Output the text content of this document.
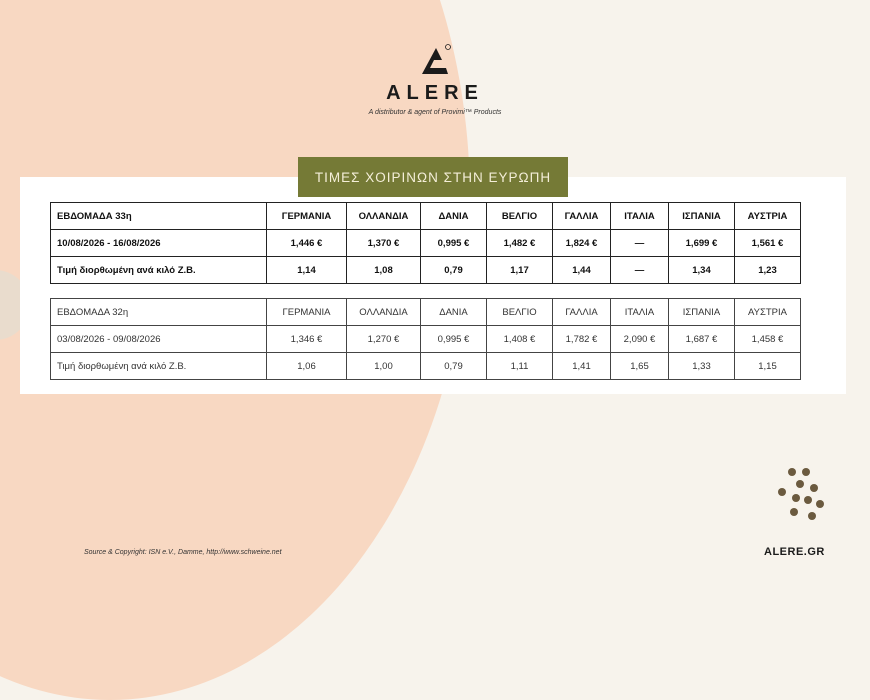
ALERE
A distributor & agent of Provimi™ Products
ΤΙΜΕΣ ΧΟΙΡΙΝΩΝ ΣΤΗΝ ΕΥΡΩΠΗ
ΕΒΔΟΜΑΔΑ 33η	ΓΕΡΜΑΝΙΑ	ΟΛΛΑΝΔΙΑ	ΔΑΝΙΑ	ΒΕΛΓΙΟ	ΓΑΛΛΙΑ	ΙΤΑΛΙΑ	ΙΣΠΑΝΙΑ	ΑΥΣΤΡΙΑ
10/08/2026 - 16/08/2026	1,446 €	1,370 €	0,995 €	1,482 €	1,824 €	—	1,699 €	1,561 €
Τιμή διορθωμένη ανά κιλό Ζ.Β.	1,14	1,08	0,79	1,17	1,44	—	1,34	1,23
ΕΒΔΟΜΑΔΑ 32η	ΓΕΡΜΑΝΙΑ	ΟΛΛΑΝΔΙΑ	ΔΑΝΙΑ	ΒΕΛΓΙΟ	ΓΑΛΛΙΑ	ΙΤΑΛΙΑ	ΙΣΠΑΝΙΑ	ΑΥΣΤΡΙΑ
03/08/2026 - 09/08/2026	1,346 €	1,270 €	0,995 €	1,408 €	1,782 €	2,090 €	1,687 €	1,458 €
Τιμή διορθωμένη ανά κιλό Ζ.Β.	1,06	1,00	0,79	1,11	1,41	1,65	1,33	1,15
Source & Copyright: ISN e.V., Damme, http://www.schweine.net	ALERE.GR
